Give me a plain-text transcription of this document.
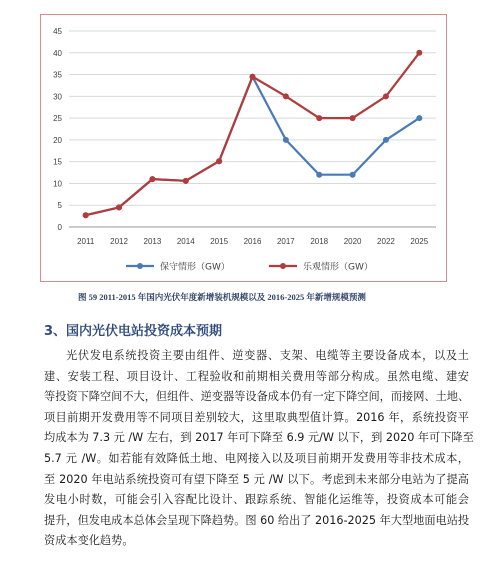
0
5
10
15
20
25
30
35
40
45
2011 2012 2013 2014 2015 2016 2017 2018 2020 2022 2025
保守情形（GW）	乐观情形（GW）
图 59 2011-2015 年国内光伏年度新增装机规模以及 2016-2025 年新增规模预测
3、国内光伏电站投资成本预期
光伏发电系统投资主要由组件、逆变器、支架、电缆等主要设备成本，以及土
建、安装工程、项目设计、工程验收和前期相关费用等部分构成。虽然电缆、建安
等投资下降空间不大，但组件、逆变器等设备成本仍有一定下降空间，而接网、土地、
项目前期开发费用等不同项目差别较大，这里取典型值计算。2016 年，系统投资平
均成本为 7.3 元 /W 左右，到 2017 年可下降至 6.9 元/W 以下，到 2020 年可下降至
5.7 元 /W。如若能有效降低土地、电网接入以及项目前期开发费用等非技术成本，
至 2020 年电站系统投资可有望下降至 5 元 /W 以下。考虑到未来部分电站为了提高
发电小时数，可能会引入容配比设计、跟踪系统、智能化运维等，投资成本可能会
提升，但发电成本总体会呈现下降趋势。图 60 给出了 2016-2025 年大型地面电站投
资成本变化趋势。
